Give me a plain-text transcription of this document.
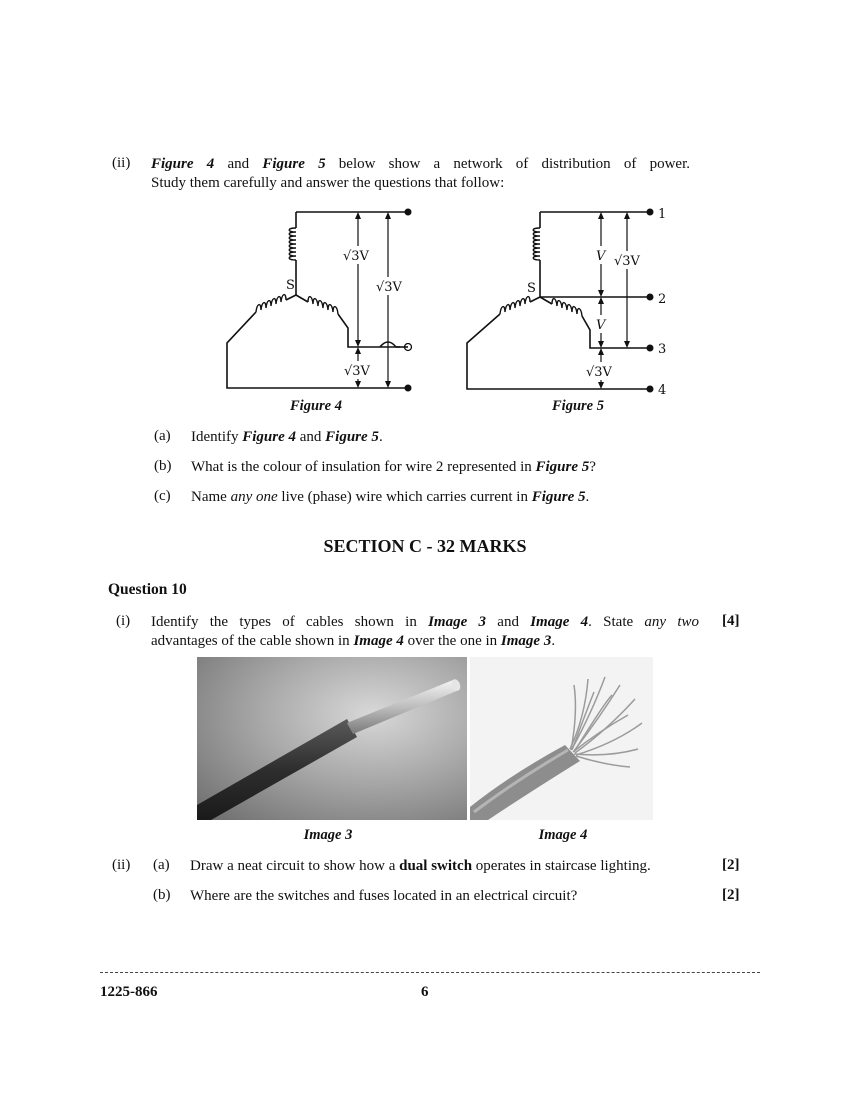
(ii) Figure 4 and Figure 5 below show a network of distribution of power.
Study them carefully and answer the questions that follow:
√3V
√3V
√3V
S
Figure 4
V √3V
V
√3V
S
1
2
3
4
Figure 5
(a) Identify Figure 4 and Figure 5.
(b) What is the colour of insulation for wire 2 represented in Figure 5?
(c) Name any one live (phase) wire which carries current in Figure 5.
SECTION C - 32 MARKS
Question 10
(i) Identify the types of cables shown in Image 3 and Image 4. State any two [4]
advantages of the cable shown in Image 4 over the one in Image 3.
Image 3	Image 4
(ii) (a) Draw a neat circuit to show how a dual switch operates in staircase lighting.	[2]
(b) Where are the switches and fuses located in an electrical circuit?	[2]
1225-866	6
